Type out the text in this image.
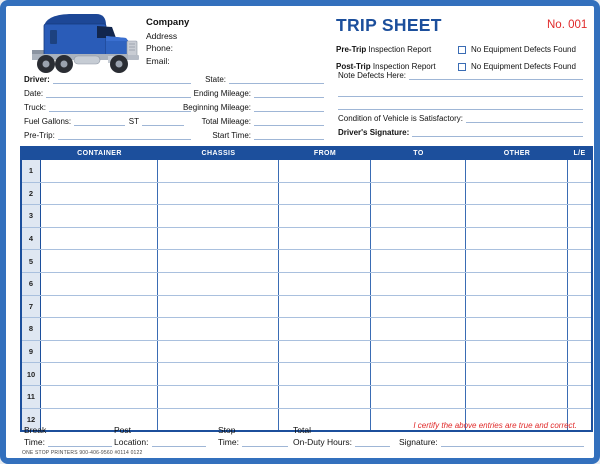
Company
Address
Phone:
Email:
TRIP SHEET	No. 001
Pre-Trip Inspection Report	No Equipment Defects Found
Post-Trip Inspection Report	No Equipment Defects Found
Driver:
Date:
Truck:
Fuel Gallons:	ST
Pre-Trip:
State:
Ending Mileage:
Beginning Mileage:
Total Mileage:
Start Time:
Note Defects Here:
Condition of Vehicle is Satisfactory:
Driver's Signature:
CONTAINER	CHASSIS	FROM	TO	OTHER	L/E
1
2
3
4
5
6
7
8
9
10
11
12
Break
Time:
Post
Location:
Stop
Time:
Total
On-Duty Hours:	Signature:
I certify the above entries are true and correct.
ONE STOP PRINTERS 900-406-9560 #0114 0122
